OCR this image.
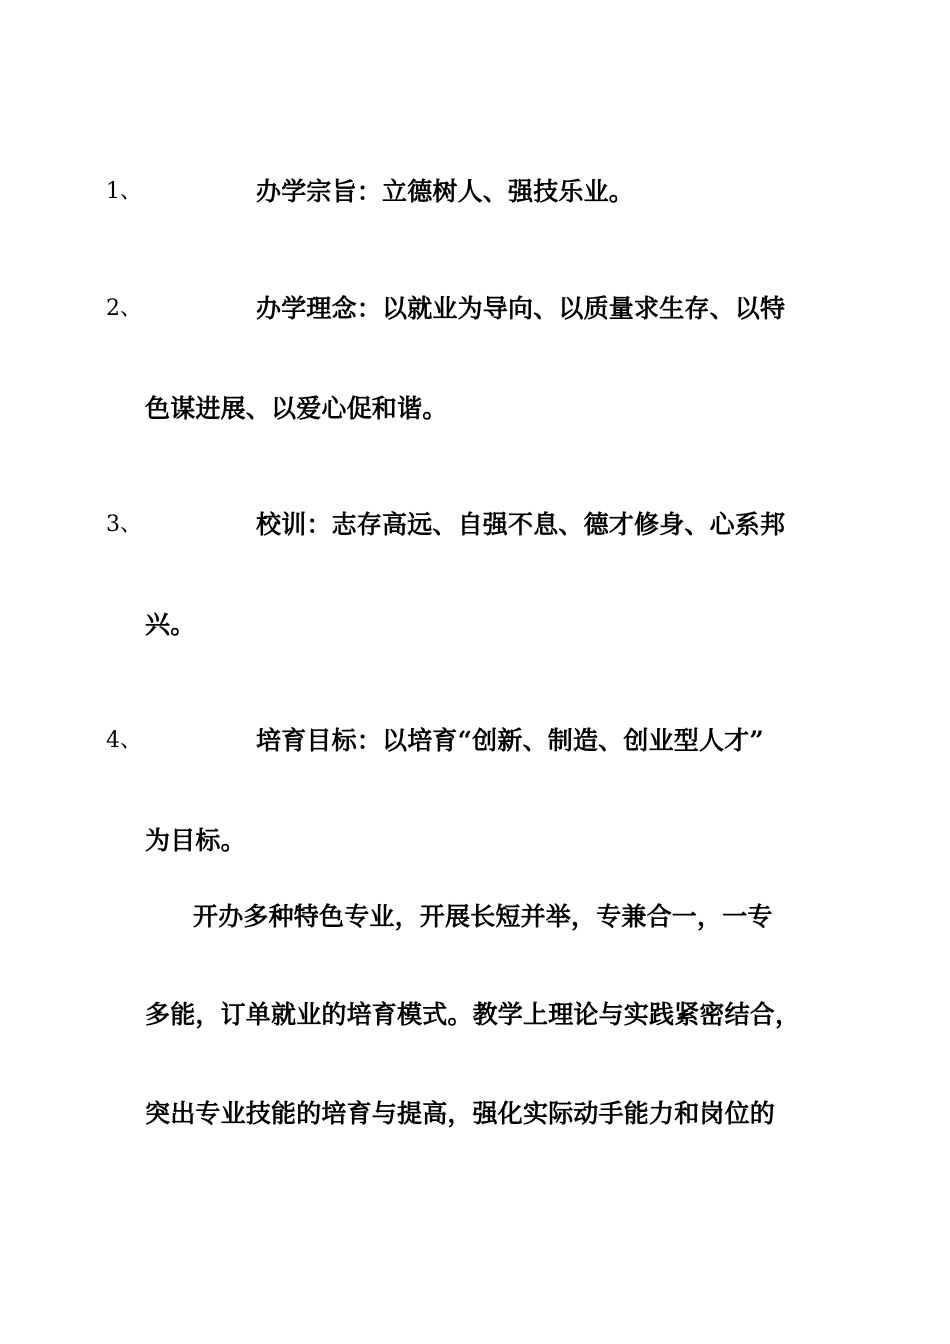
1、	办学宗旨：立德树人、强技乐业。
2、	办学理念：以就业为导向、以质量求生存、以特
色谋进展、以爱心促和谐。
3、	校训：志存高远、自强不息、德才修身、心系邦
兴。
4、	培育目标：以培育“创新、制造、创业型人才”
为目标。
开办多种特色专业，开展长短并举，专兼合一，一专
多能，订单就业的培育模式。教学上理论与实践紧密结合，
突出专业技能的培育与提高，强化实际动手能力和岗位的
